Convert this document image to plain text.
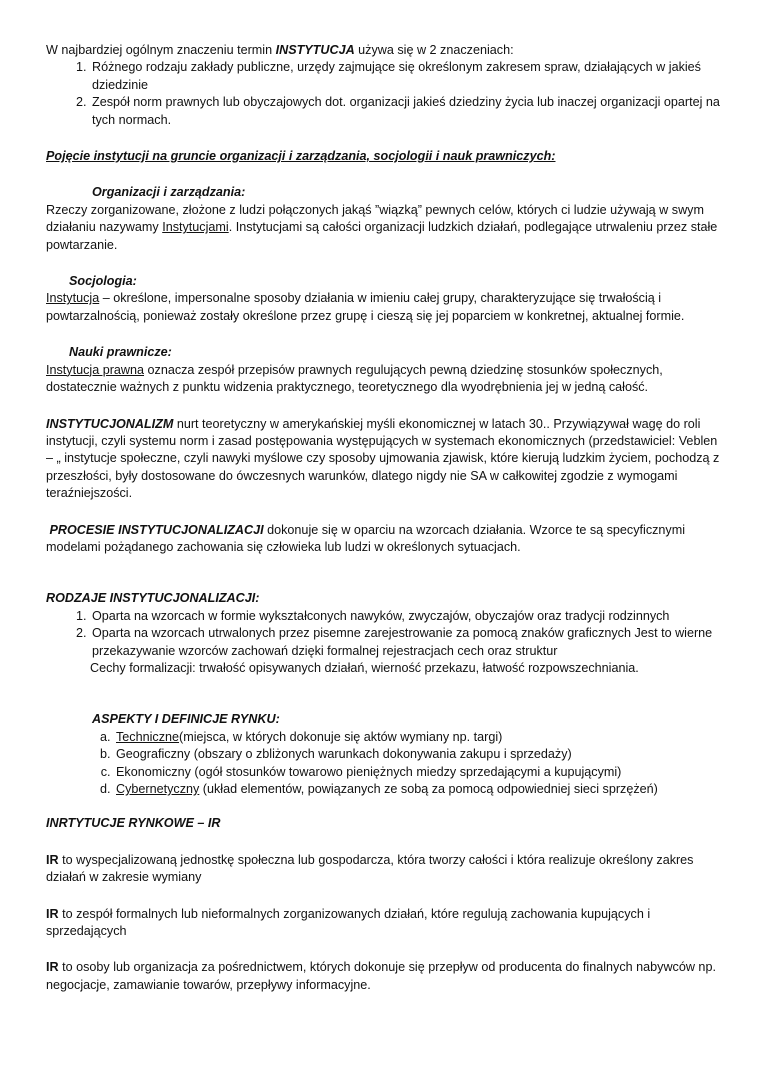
W najbardziej ogólnym znaczeniu termin INSTYTUCJA używa się w 2 znaczeniach:

1. Różnego rodzaju zakłady publiczne, urzędy zajmujące się określonym zakresem spraw, działających w jakieś dziedzinie
2. Zespół norm prawnych lub obyczajowych dot. organizacji jakieś dziedziny życia lub inaczej organizacji opartej na tych normach.

Pojęcie instytucji na gruncie organizacji i zarządzania, socjologii i nauk prawniczych:

Organizacji i zarządzania:

Rzeczy zorganizowane, złożone z ludzi połączonych jakąś ”wiązką” pewnych celów, których ci ludzie używają w swym działaniu nazywamy Instytucjami. Instytucjami są całości organizacji ludzkich działań, podlegające utrwaleniu przez stałe powtarzanie.

Socjologia:

Instytucja – określone, impersonalne sposoby działania w imieniu całej grupy, charakteryzujące się trwałością i powtarzalnością, ponieważ zostały określone przez grupę i cieszą się jej poparciem w konkretnej, aktualnej formie.

Nauki prawnicze:

Instytucja prawna oznacza zespół przepisów prawnych regulujących pewną dziedzinę stosunków społecznych, dostatecznie ważnych z punktu widzenia praktycznego, teoretycznego dla wyodrębnienia jej w jedną całość.

INSTYTUCJONALIZM nurt teoretyczny w amerykańskiej myśli ekonomicznej w latach 30.. Przywiązywał wagę do roli instytucji, czyli systemu norm i zasad postępowania występujących w systemach ekonomicznych (przedstawiciel: Veblen – „ instytucje społeczne, czyli nawyki myślowe czy sposoby ujmowania zjawisk, które kierują ludzkim życiem, pochodzą z przeszłości, były dostosowane do ówczesnych warunków, dlatego nigdy nie SA w całkowitej zgodzie z wymogami teraźniejszości.

PROCESIE INSTYTUCJONALIZACJI dokonuje się w oparciu na wzorcach działania. Wzorce te są specyficznymi modelami pożądanego zachowania się człowieka lub ludzi w określonych sytuacjach.

RODZAJE INSTYTUCJONALIZACJI:

1. Oparta na wzorcach w formie wykształconych nawyków, zwyczajów, obyczajów oraz tradycji rodzinnych
2. Oparta na wzorcach utrwalonych przez pisemne zarejestrowanie za pomocą znaków graficznych Jest to wierne przekazywanie wzorców zachowań dzięki formalnej rejestracjach cech oraz struktur

Cechy formalizacji: trwałość opisywanych działań, wierność przekazu, łatwość rozpowszechniania.

ASPEKTY I DEFINICJE RYNKU:

a. Techniczne(miejsca, w których dokonuje się aktów wymiany np. targi)
b. Geograficzny (obszary o zbliżonych warunkach dokonywania zakupu i sprzedaży)
c. Ekonomiczny (ogół stosunków towarowo pieniężnych miedzy sprzedającymi a kupującymi)
d. Cybernetyczny (układ elementów, powiązanych ze sobą za pomocą odpowiedniej sieci sprzężeń)

INRTYTUCJE RYNKOWE – IR

IR to wyspecjalizowaną jednostkę społeczna lub gospodarcza, która tworzy całości i która realizuje określony zakres działań w zakresie wymiany

IR to zespół formalnych lub nieformalnych zorganizowanych działań, które regulują zachowania kupujących i sprzedających

IR to osoby lub organizacja za pośrednictwem, których dokonuje się przepływ od producenta do finalnych nabywców np. negocjacje, zamawianie towarów, przepływy informacyjne.
